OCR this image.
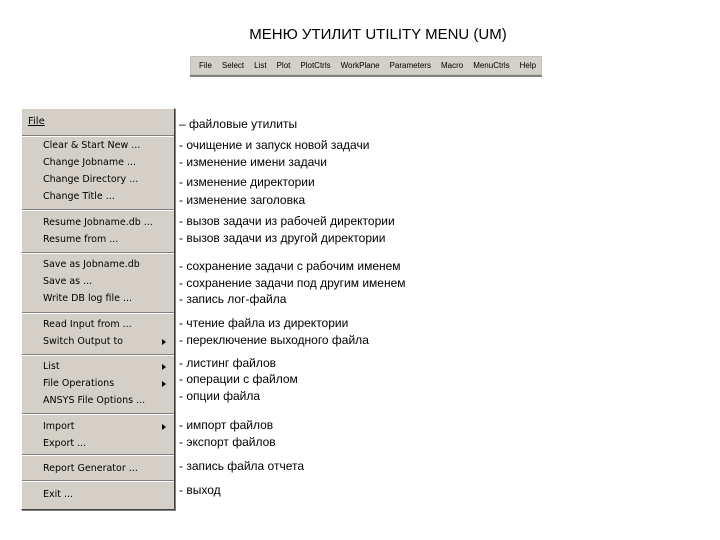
МЕНЮ УТИЛИТ UTILITY MENU (UM)
File	Select	List	Plot	PlotCtrls	WorkPlane	Parameters	Macro	MenuCtrls	Help
File
Clear & Start New ...
Change Jobname ...
Change Directory ...
Change Title ...
Resume Jobname.db ...
Resume from ...
Save as Jobname.db
Save as ...
Write DB log file ...
Read Input from ...
Switch Output to
List
File Operations
ANSYS File Options ...
Import
Export ...
Report Generator ...
Exit ...
– файловые утилиты
- очищение и запуск новой задачи
- изменение имени задачи
- изменение директории
- изменение заголовка
- вызов задачи из рабочей директории
- вызов задачи из другой директории
- сохранение задачи с рабочим именем
- сохранение задачи под другим именем
- запись лог-файла
- чтение файла из директории
- переключение выходного файла
- листинг файлов
- операции с файлом
- опции файла
- импорт файлов
- экспорт файлов
- запись файла отчета
- выход
